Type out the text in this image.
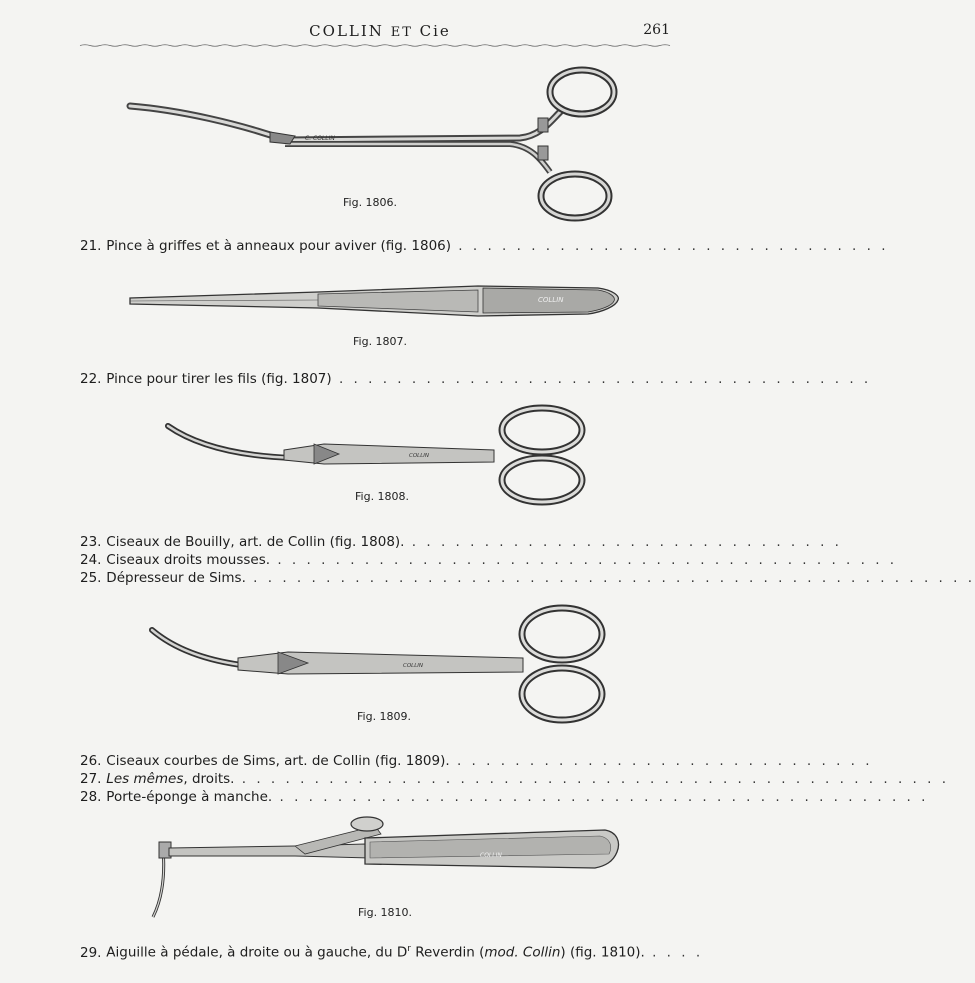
COLLIN ET Cie	261
C. COLLIN
Fig. 1806.
21. Pince à griffes et à anneaux pour aviver (fig. 1806) . . . . . . . . . . . . . . . . . . . . . . . . . . . . . .
COLLIN
Fig. 1807.
22. Pince pour tirer les fils (fig. 1807) . . . . . . . . . . . . . . . . . . . . . . . . . . . . . . . . . . . . .
COLLIN
Fig. 1808.
23. Ciseaux de Bouilly, art. de Collin (fig. 1808). . . . . . . . . . . . . . . . . . . . . . . . . . . . . . .
24. Ciseaux droits mousses. . . . . . . . . . . . . . . . . . . . . . . . . . . . . . . . . . . . . . . . . . . .
25. Dépresseur de Sims. . . . . . . . . . . . . . . . . . . . . . . . . . . . . . . . . . . . . . . . . . . . . . . . . . .
COLLIN
Fig. 1809.
26. Ciseaux courbes de Sims, art. de Collin (fig. 1809). . . . . . . . . . . . . . . . . . . . . . . . . . . . . .
27. Les mêmes, droits. . . . . . . . . . . . . . . . . . . . . . . . . . . . . . . . . . . . . . . . . . . . . . . . . .
28. Porte-éponge à manche. . . . . . . . . . . . . . . . . . . . . . . . . . . . . . . . . . . . . . . . . . . . . .
COLLIN
Fig. 1810.
29. Aiguille à pédale, à droite ou à gauche, du $D^r$ Reverdin (mod. Collin) (fig. 1810). . . . .
